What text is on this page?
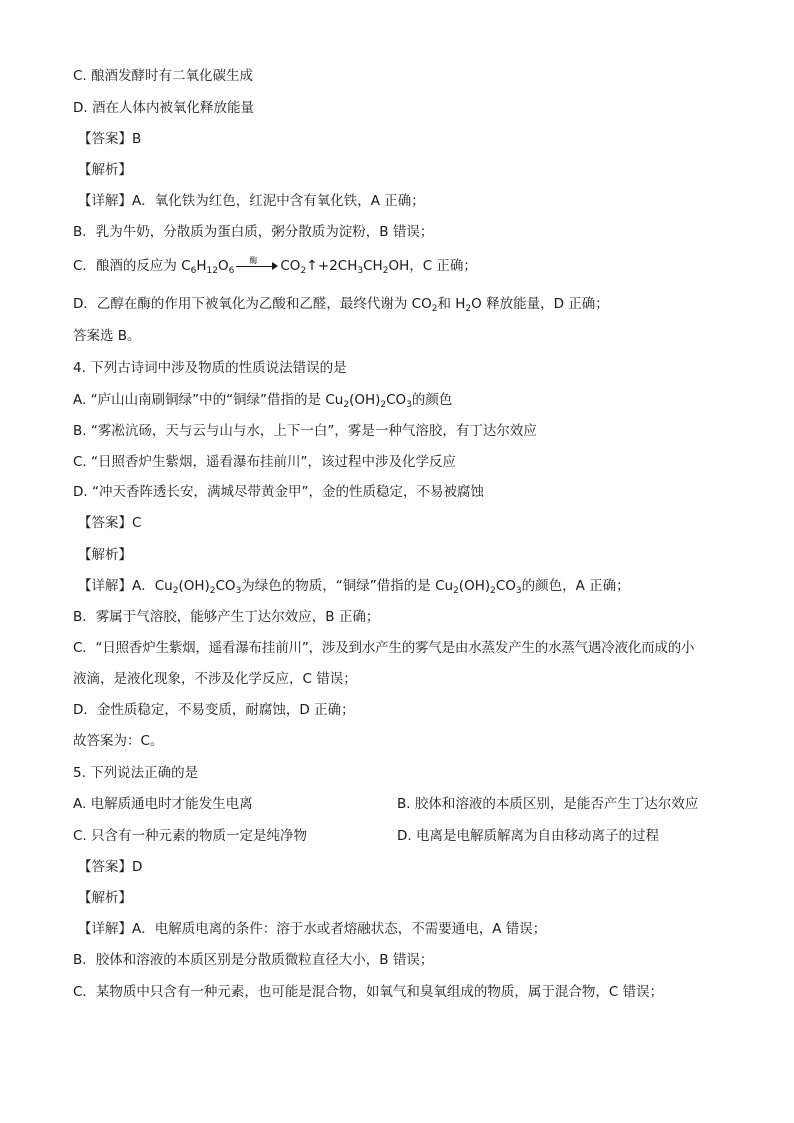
C. 酿酒发酵时有二氧化碳生成
D. 酒在人体内被氧化释放能量
【答案】B
【解析】
【详解】A．氧化铁为红色，红泥中含有氧化铁，A 正确；
B．乳为牛奶，分散质为蛋白质，粥分散质为淀粉，B 错误；
C．酿酒的反应为 $C_6H_{12}O_6$
酶 $CO_2↑+2CH_3CH_2OH$，C 正确；
D．乙醇在酶的作用下被氧化为乙酸和乙醛，最终代谢为 $CO_2$和 $H_2O$ 释放能量，D 正确；
答案选 B。
4. 下列古诗词中涉及物质的性质说法错误的是
A. “庐山山南刷铜绿”中的“铜绿”借指的是 $Cu_2(OH)_2CO_3$的颜色
B. “雾凇沆砀，天与云与山与水，上下一白”，雾是一种气溶胶，有丁达尔效应
C. “日照香炉生紫烟，遥看瀑布挂前川”，该过程中涉及化学反应
D. “冲天香阵透长安，满城尽带黄金甲”，金的性质稳定，不易被腐蚀
【答案】C
【解析】
【详解】A．$Cu_2(OH)_2CO_3$为绿色的物质，“铜绿”借指的是 $Cu_2(OH)_2CO_3$的颜色，A 正确；
B．雾属于气溶胶，能够产生丁达尔效应，B 正确；
C．“日照香炉生紫烟，遥看瀑布挂前川”，涉及到水产生的雾气是由水蒸发产生的水蒸气遇冷液化而成的小
液滴，是液化现象，不涉及化学反应，C 错误；
D．金性质稳定，不易变质，耐腐蚀，D 正确；
故答案为：C。
5. 下列说法正确的是
A. 电解质通电时才能发生电离	B. 胶体和溶液的本质区别，是能否产生丁达尔效应
C. 只含有一种元素的物质一定是纯净物	D. 电离是电解质解离为自由移动离子的过程
【答案】D
【解析】
【详解】A．电解质电离的条件：溶于水或者熔融状态，不需要通电，A 错误；
B．胶体和溶液的本质区别是分散质微粒直径大小，B 错误；
C．某物质中只含有一种元素，也可能是混合物，如氧气和臭氧组成的物质，属于混合物，C 错误；
